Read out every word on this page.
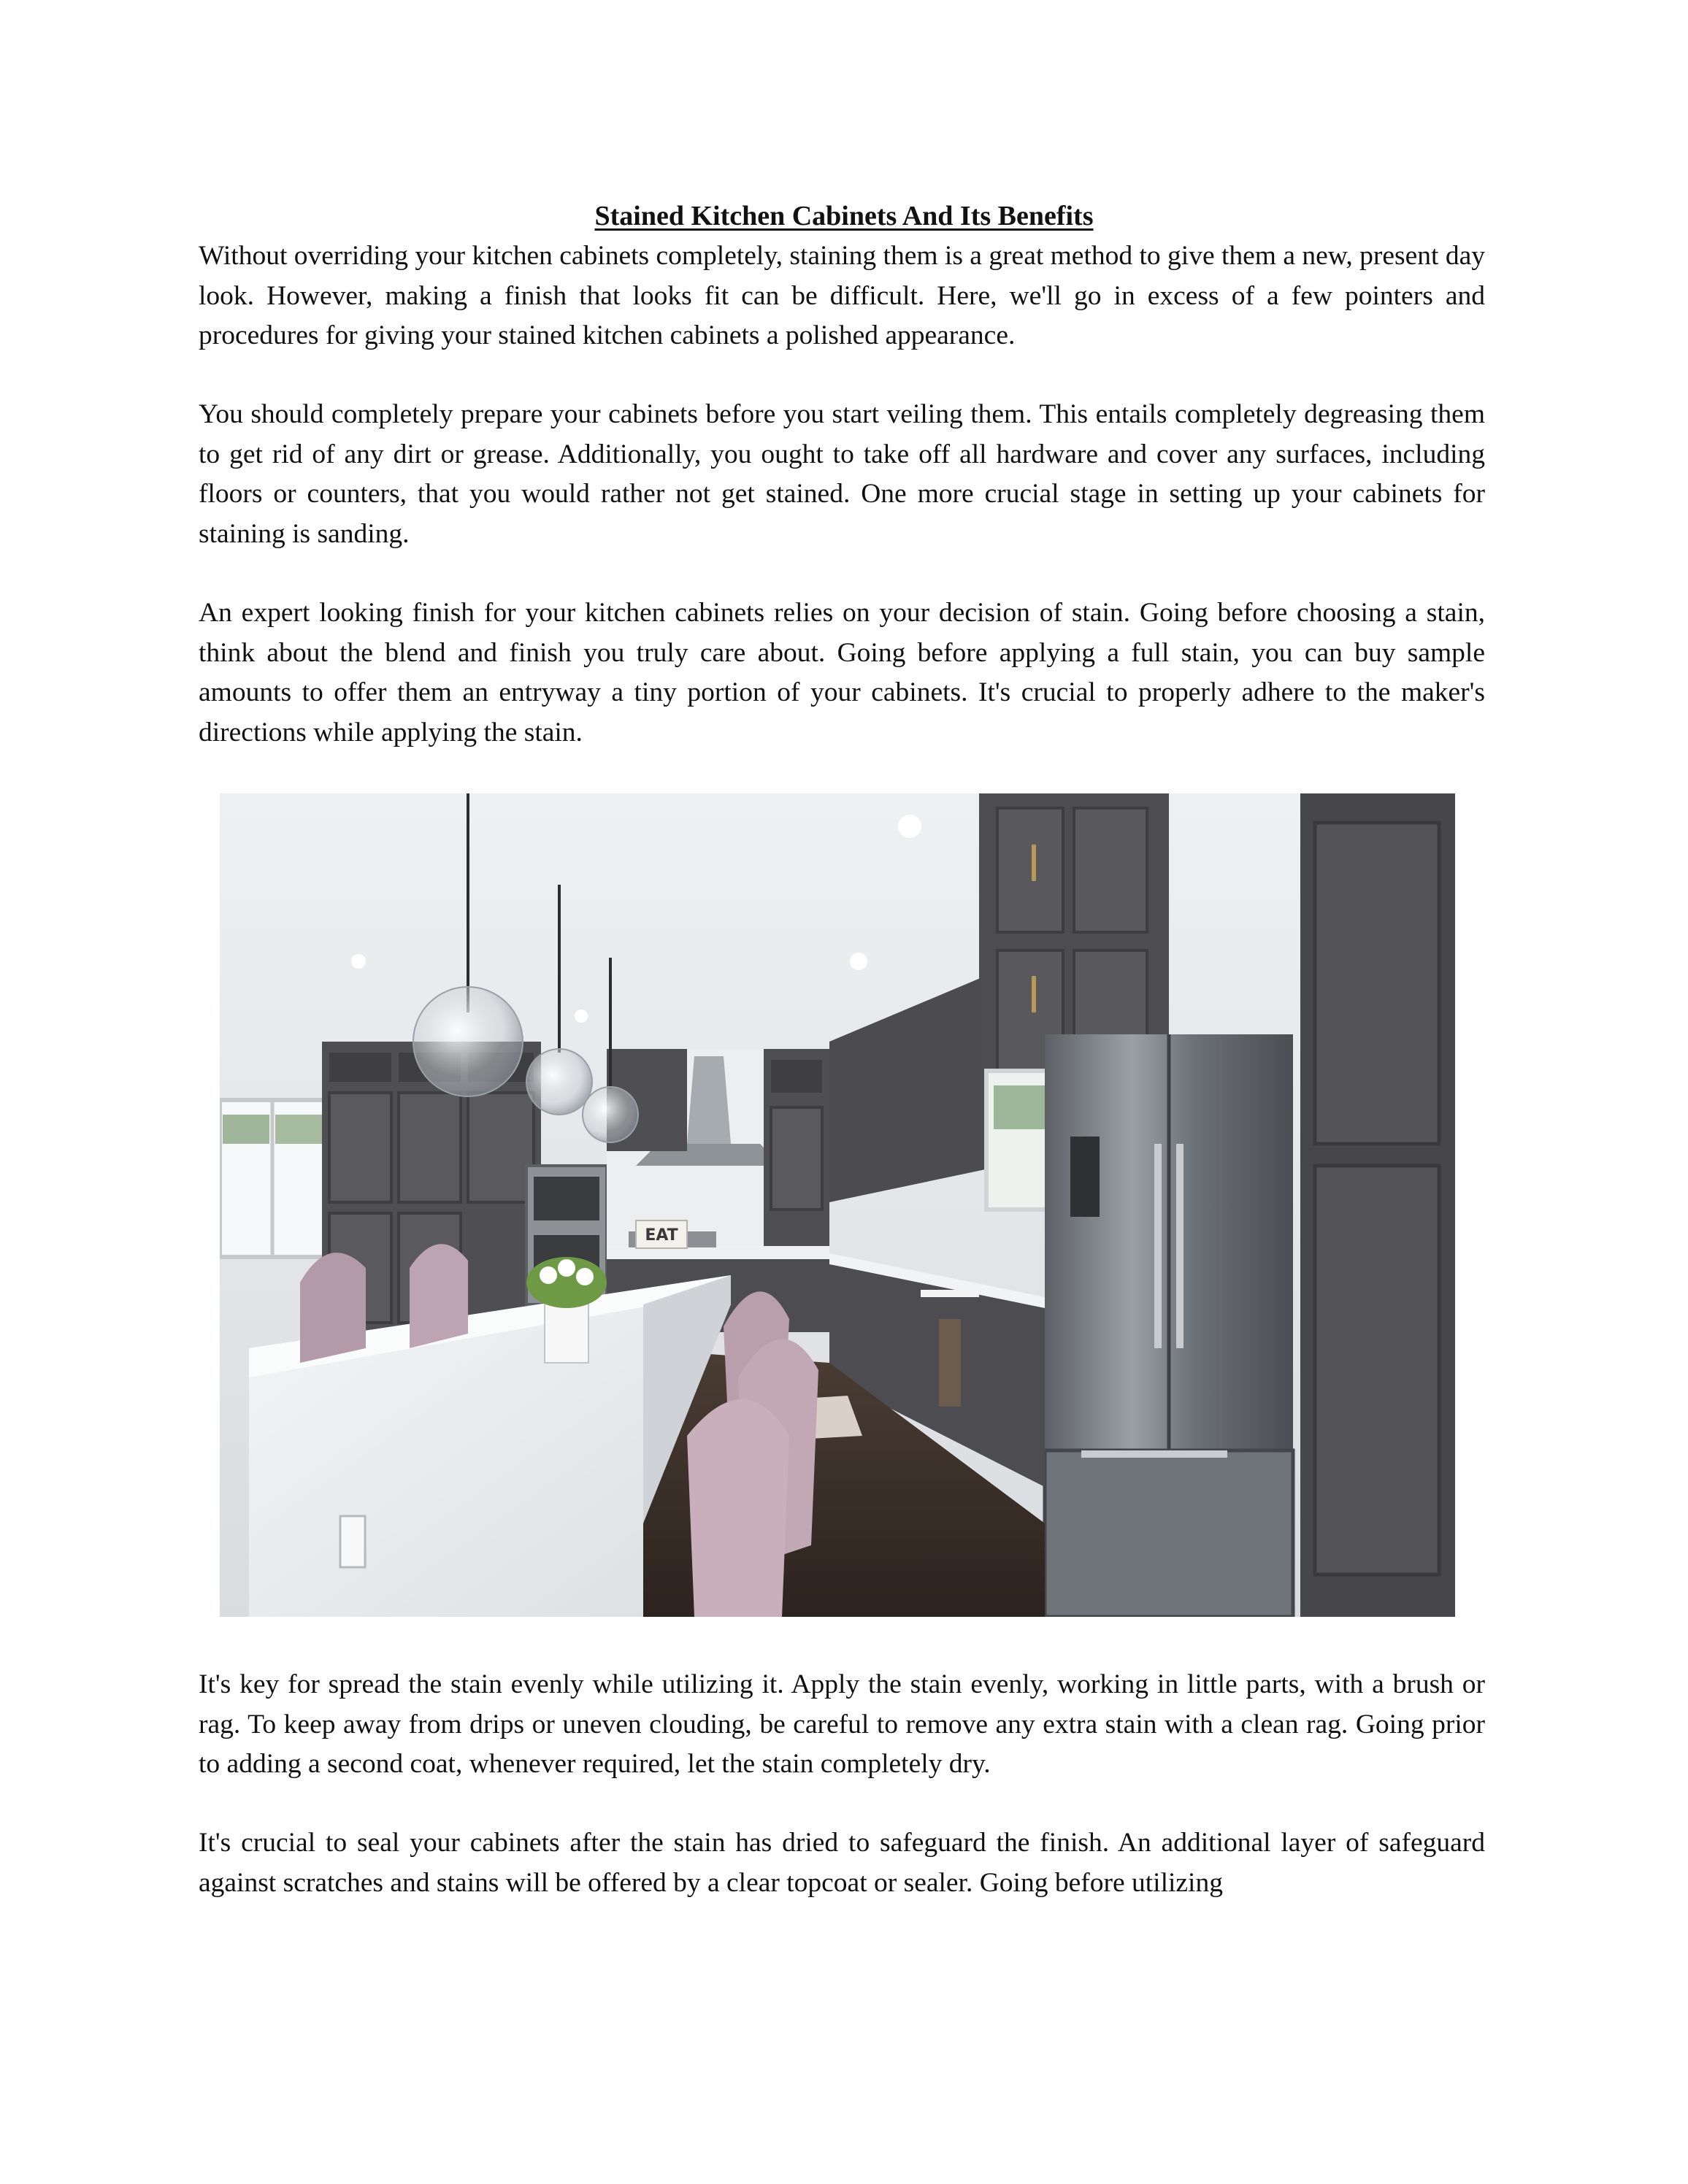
Stained Kitchen Cabinets And Its Benefits

Without overriding your kitchen cabinets completely, staining them is a great method to give them a new, present day look. However, making a finish that looks fit can be difficult. Here, we'll go in excess of a few pointers and procedures for giving your stained kitchen cabinets a polished appearance.

You should completely prepare your cabinets before you start veiling them. This entails completely degreasing them to get rid of any dirt or grease. Additionally, you ought to take off all hardware and cover any surfaces, including floors or counters, that you would rather not get stained. One more crucial stage in setting up your cabinets for staining is sanding.

An expert looking finish for your kitchen cabinets relies on your decision of stain. Going before choosing a stain, think about the blend and finish you truly care about. Going before applying a full stain, you can buy sample amounts to offer them an entryway a tiny portion of your cabinets. It's crucial to properly adhere to the maker's directions while applying the stain.

EAT

It's key for spread the stain evenly while utilizing it. Apply the stain evenly, working in little parts, with a brush or rag. To keep away from drips or uneven clouding, be careful to remove any extra stain with a clean rag. Going prior to adding a second coat, whenever required, let the stain completely dry.

It's crucial to seal your cabinets after the stain has dried to safeguard the finish. An additional layer of safeguard against scratches and stains will be offered by a clear topcoat or sealer. Going before utilizing
